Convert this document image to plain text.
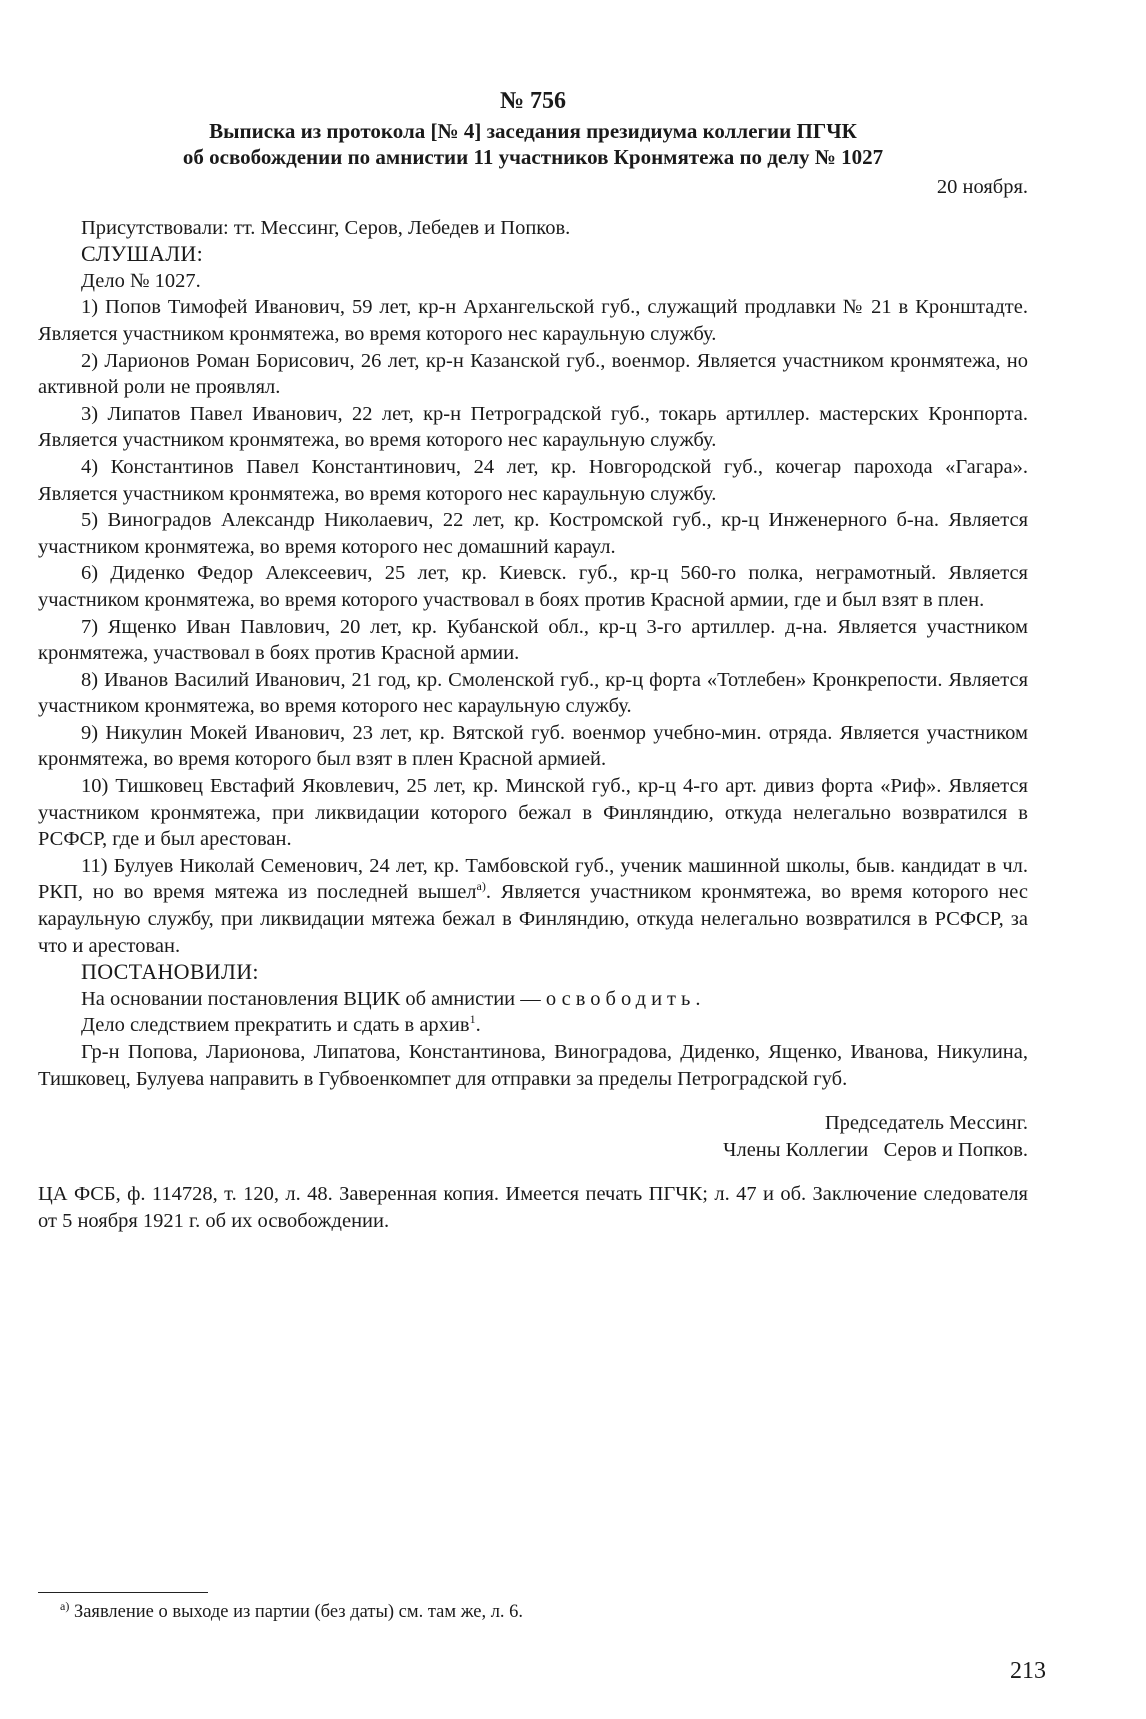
№ 756
Выписка из протокола [№ 4] заседания президиума коллегии ПГЧК
об освобождении по амнистии 11 участников Кронмятежа по делу № 1027
20 ноября.

Присутствовали: тт. Мессинг, Серов, Лебедев и Попков.

СЛУШАЛИ:

Дело № 1027.

1) Попов Тимофей Иванович, 59 лет, кр-н Архангельской губ., служащий продлавки № 21 в Кронштадте. Является участником кронмятежа, во время которого нес караульную службу.

2) Ларионов Роман Борисович, 26 лет, кр-н Казанской губ., военмор. Является участником кронмятежа, но активной роли не проявлял.

3) Липатов Павел Иванович, 22 лет, кр-н Петроградской губ., токарь артиллер. мастерских Кронпорта. Является участником кронмятежа, во время которого нес караульную службу.

4) Константинов Павел Константинович, 24 лет, кр. Новгородской губ., кочегар парохода «Гагара». Является участником кронмятежа, во время которого нес караульную службу.

5) Виноградов Александр Николаевич, 22 лет, кр. Костромской губ., кр-ц Инженерного б-на. Является участником кронмятежа, во время которого нес домашний караул.

6) Диденко Федор Алексеевич, 25 лет, кр. Киевск. губ., кр-ц 560-го полка, неграмотный. Является участником кронмятежа, во время которого участвовал в боях против Красной армии, где и был взят в плен.

7) Ященко Иван Павлович, 20 лет, кр. Кубанской обл., кр-ц 3-го артиллер. д-на. Является участником кронмятежа, участвовал в боях против Красной армии.

8) Иванов Василий Иванович, 21 год, кр. Смоленской губ., кр-ц форта «Тотлебен» Кронкрепости. Является участником кронмятежа, во время которого нес караульную службу.

9) Никулин Мокей Иванович, 23 лет, кр. Вятской губ. военмор учебно-мин. отряда. Является участником кронмятежа, во время которого был взят в плен Красной армией.

10) Тишковец Евстафий Яковлевич, 25 лет, кр. Минской губ., кр-ц 4-го арт. дивиз форта «Риф». Является участником кронмятежа, при ликвидации которого бежал в Финляндию, откуда нелегально возвратился в РСФСР, где и был арестован.

11) Булуев Николай Семенович, 24 лет, кр. Тамбовской губ., ученик машинной школы, быв. кандидат в чл. РКП, но во время мятежа из последней вышел$^{а)}$. Является участником кронмятежа, во время которого нес караульную службу, при ликвидации мятежа бежал в Финляндию, откуда нелегально возвратился в РСФСР, за что и арестован.

ПОСТАНОВИЛИ:

На основании постановления ВЦИК об амнистии — освободить.

Дело следствием прекратить и сдать в архив$^1$.

Гр-н Попова, Ларионова, Липатова, Константинова, Виноградова, Диденко, Ященко, Иванова, Никулина, Тишковец, Булуева направить в Губвоенкомпет для отправки за пределы Петроградской губ.

Председатель Мессинг.
Члены Коллегии   Серов и Попков.

ЦА ФСБ, ф. 114728, т. 120, л. 48. Заверенная копия. Имеется печать ПГЧК; л. 47 и об. Заключение следователя от 5 ноября 1921 г. об их освобождении.

$^{а)}$ Заявление о выходе из партии (без даты) см. там же, л. 6.
213
